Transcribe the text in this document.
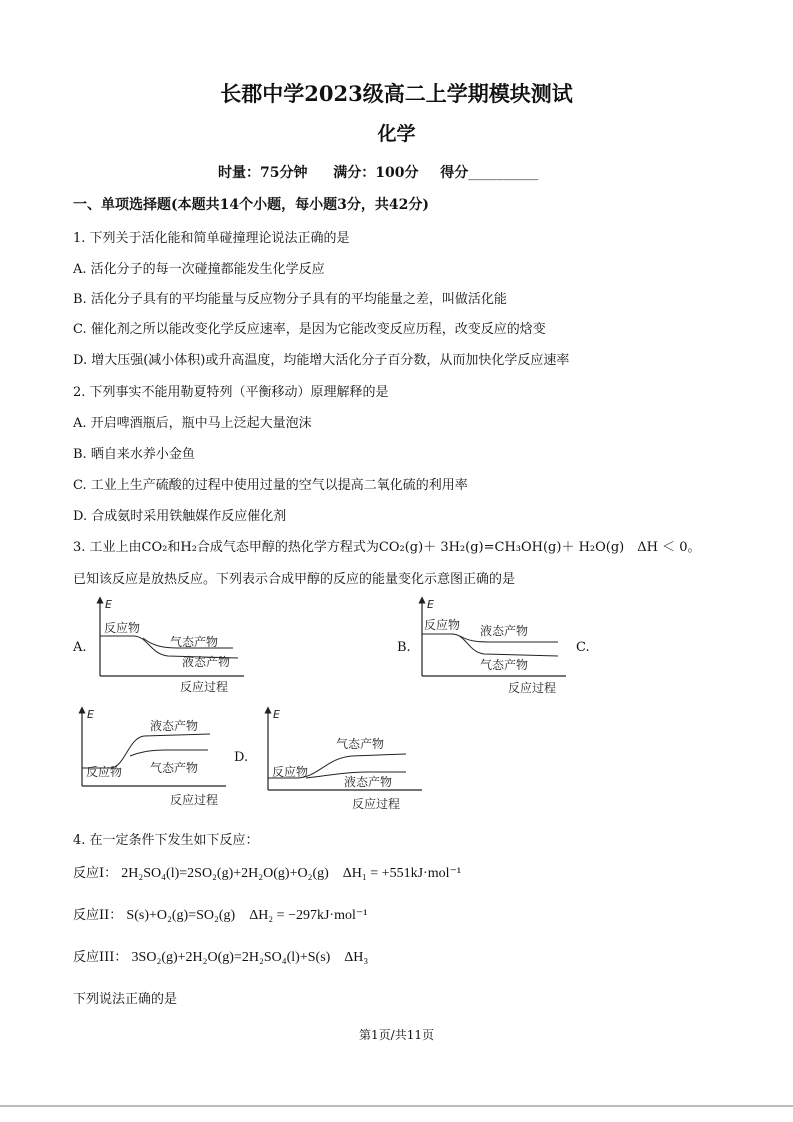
长郡中学2023级高二上学期模块测试
化学
时量：75分钟 满分：100分 得分__________
一、单项选择题(本题共14个小题，每小题3分，共42分)
1. 下列关于活化能和简单碰撞理论说法正确的是
A. 活化分子的每一次碰撞都能发生化学反应
B. 活化分子具有的平均能量与反应物分子具有的平均能量之差，叫做活化能
C. 催化剂之所以能改变化学反应速率，是因为它能改变反应历程，改变反应的焓变
D. 增大压强(减小体积)或升高温度，均能增大活化分子百分数，从而加快化学反应速率
2. 下列事实不能用勒夏特列（平衡移动）原理解释的是
A. 开启啤酒瓶后，瓶中马上泛起大量泡沫
B. 晒自来水养小金鱼
C. 工业上生产硫酸的过程中使用过量的空气以提高二氧化硫的利用率
D. 合成氨时采用铁触媒作反应催化剂
3. 工业上由CO₂和H₂合成气态甲醇的热化学方程式为CO₂(g)＋ 3H₂(g)=CH₃OH(g)＋ H₂O(g)　ΔH ＜ 0。
已知该反应是放热反应。下列表示合成甲醇的反应的能量变化示意图正确的是
A.	B.	C.
D.
E
反应物
气态产物
液态产物
反应过程
E
反应物 液态产物
气态产物
反应过程
E
液态产物
气态产物
反应物
反应过程
E
气态产物
反应物
液态产物
反应过程
4. 在一定条件下发生如下反应：
反应I： 2H₂SO₄(l)=2SO₂(g)+2H₂O(g)+O₂(g)　ΔH₁ = +551kJ·mol⁻¹
反应II： S(s)+O₂(g)=SO₂(g)　ΔH₂ = −297kJ·mol⁻¹
反应III： 3SO₂(g)+2H₂O(g)=2H₂SO₄(l)+S(s)　ΔH₃
下列说法正确的是
第1页/共11页
